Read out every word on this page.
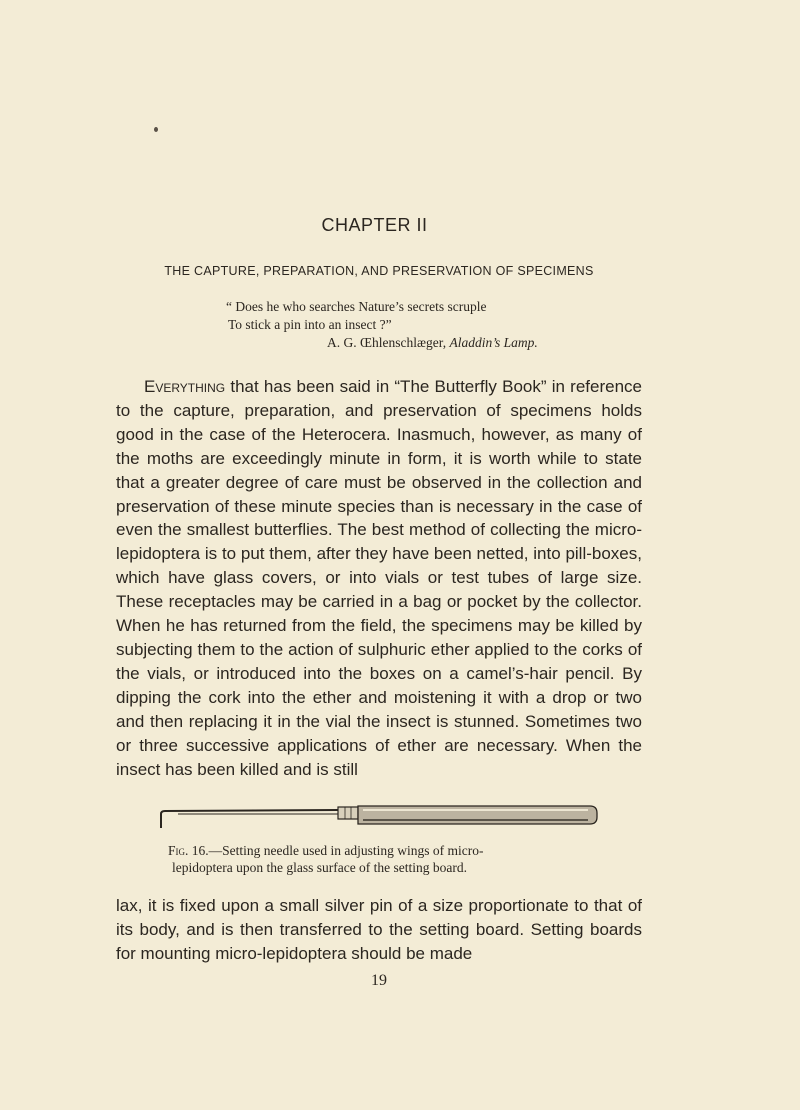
CHAPTER II
THE CAPTURE, PREPARATION, AND PRESERVATION OF SPECIMENS
“ Does he who searches Nature’s secrets scruple
To stick a pin into an insect ?”
A. G. Œhlenschlæger, Aladdin’s Lamp.
Everything that has been said in “The Butterfly Book” in reference to the capture, preparation, and preservation of specimens holds good in the case of the Heterocera. Inasmuch, however, as many of the moths are exceedingly minute in form, it is worth while to state that a greater degree of care must be observed in the collection and preservation of these minute species than is necessary in the case of even the smallest butterflies. The best method of collecting the micro-lepidoptera is to put them, after they have been netted, into pill-boxes, which have glass covers, or into vials or test tubes of large size. These receptacles may be carried in a bag or pocket by the collector. When he has returned from the field, the specimens may be killed by subjecting them to the action of sulphuric ether applied to the corks of the vials, or introduced into the boxes on a camel’s-hair pencil. By dipping the cork into the ether and moistening it with a drop or two and then replacing it in the vial the insect is stunned. Sometimes two or three successive applications of ether are necessary. When the insect has been killed and is still
Fig. 16.—Setting needle used in adjusting wings of micro-
lepidoptera upon the glass surface of the setting board.
lax, it is fixed upon a small silver pin of a size proportionate to that of its body, and is then transferred to the setting board. Setting boards for mounting micro-lepidoptera should be made
19
